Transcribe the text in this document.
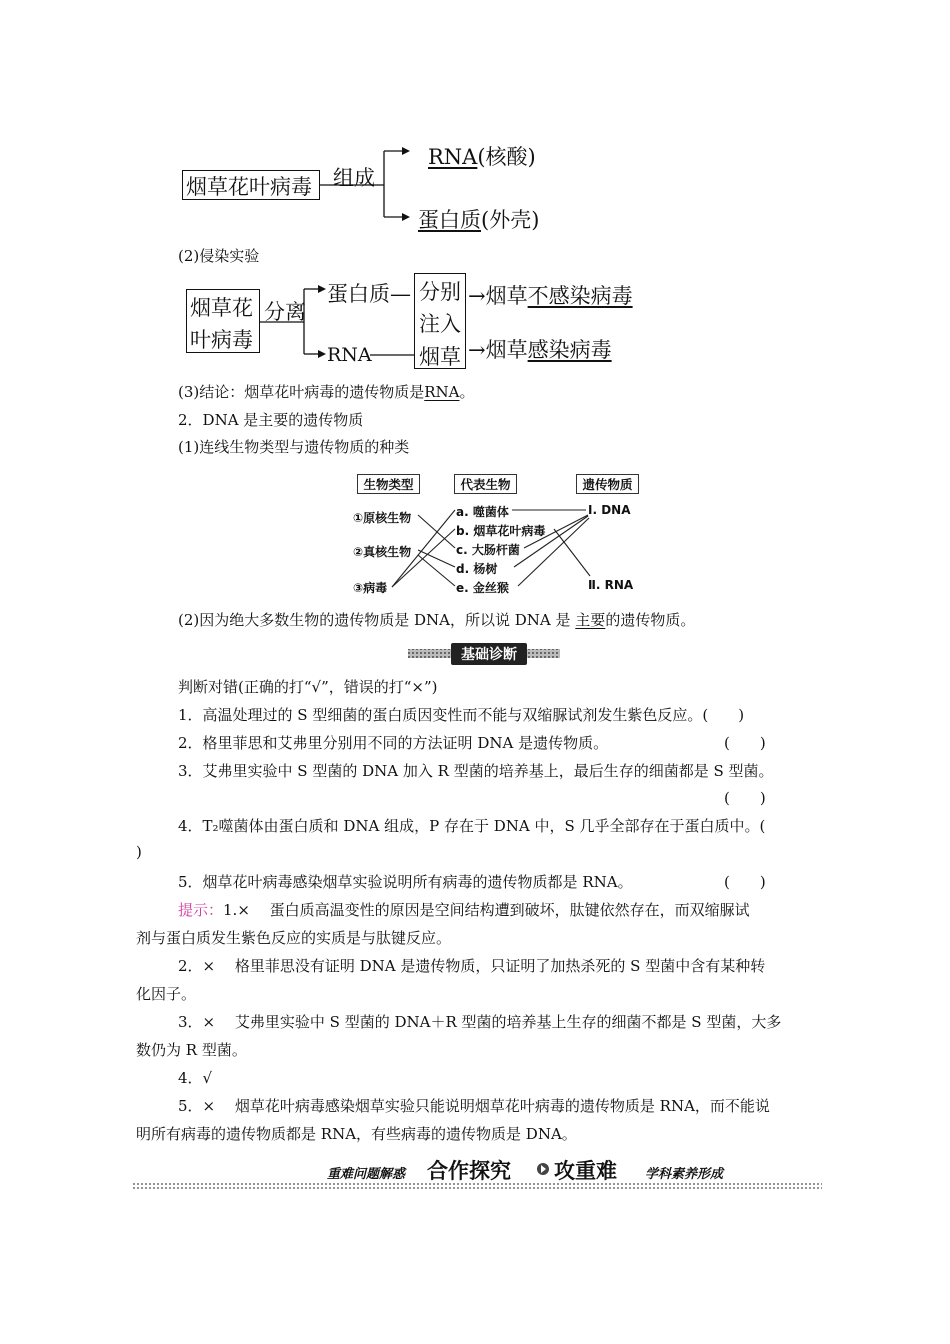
烟草花叶病毒 组成
RNA(核酸)
蛋白质(外壳)
(2)侵染实验
烟草花
叶病毒
分离
蛋白质—
RNA
分别
注入
烟草
→烟草不感染病毒
→烟草感染病毒
(3)结论：烟草花叶病毒的遗传物质是RNA。
2．DNA 是主要的遗传物质
(1)连线生物类型与遗传物质的种类
生物类型	代表生物	遗传物质
①原核生物
②真核生物
③病毒
a. 噬菌体
b. 烟草花叶病毒
c. 大肠杆菌
d. 杨树
e. 金丝猴
Ⅰ. DNA
Ⅱ. RNA
(2)因为绝大多数生物的遗传物质是 DNA，所以说 DNA 是 主要的遗传物质。
基础诊断
判断对错(正确的打“√”，错误的打“×”)
1．高温处理过的 S 型细菌的蛋白质因变性而不能与双缩脲试剂发生紫色反应。(　　)
2．格里菲思和艾弗里分别用不同的方法证明 DNA 是遗传物质。	(　　)
3．艾弗里实验中 S 型菌的 DNA 加入 R 型菌的培养基上，最后生存的细菌都是 S 型菌。
(　　)
4．T₂噬菌体由蛋白质和 DNA 组成，P 存在于 DNA 中，S 几乎全部存在于蛋白质中。(
)
5．烟草花叶病毒感染烟草实验说明所有病毒的遗传物质都是 RNA。	(　　)
提示：1.×　 蛋白质高温变性的原因是空间结构遭到破坏，肽键依然存在，而双缩脲试
剂与蛋白质发生紫色反应的实质是与肽键反应。
2．×　 格里菲思没有证明 DNA 是遗传物质，只证明了加热杀死的 S 型菌中含有某种转
化因子。
3．×　 艾弗里实验中 S 型菌的 DNA＋R 型菌的培养基上生存的细菌不都是 S 型菌，大多
数仍为 R 型菌。
4．√
5．×　 烟草花叶病毒感染烟草实验只能说明烟草花叶病毒的遗传物质是 RNA，而不能说
明所有病毒的遗传物质都是 RNA，有些病毒的遗传物质是 DNA。
重难问题解惑 合作探究 攻重难 学科素养形成
